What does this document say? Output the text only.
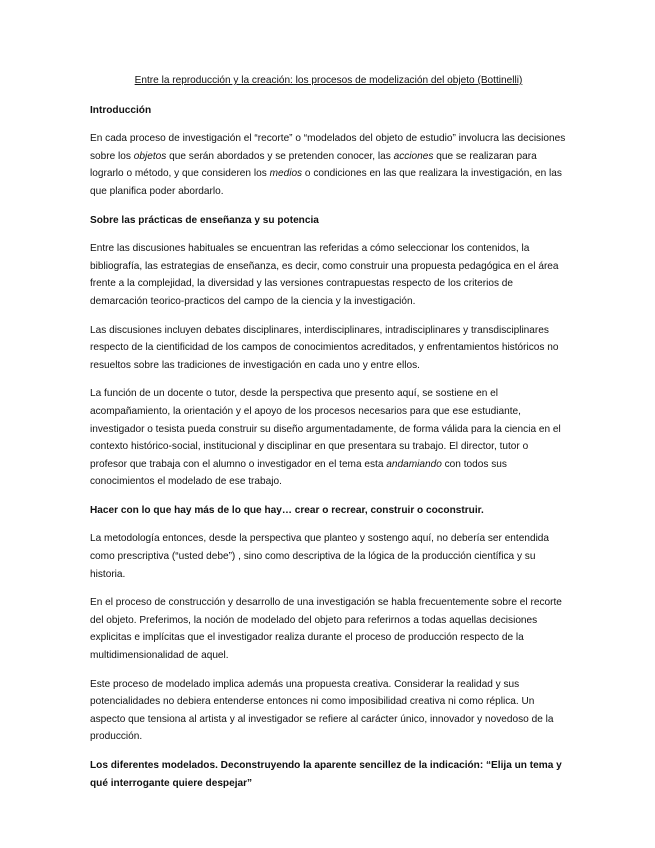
Entre la reproducción y la creación: los procesos de modelización del objeto (Bottinelli)

Introducción

En cada proceso de investigación el “recorte” o “modelados del objeto de estudio” involucra las decisiones sobre los objetos que serán abordados y se pretenden conocer, las acciones que se realizaran para lograrlo o método, y que consideren los medios o condiciones en las que realizara la investigación, en las que planifica poder abordarlo.

Sobre las prácticas de enseñanza y su potencia

Entre las discusiones habituales se encuentran las referidas a cómo seleccionar los contenidos, la bibliografía, las estrategias de enseñanza, es decir, como construir una propuesta pedagógica en el área frente a la complejidad, la diversidad y las versiones contrapuestas respecto de los criterios de demarcación teorico-practicos del campo de la ciencia y la investigación.

Las discusiones incluyen debates disciplinares, interdisciplinares, intradisciplinares y transdisciplinares respecto de la cientificidad de los campos de conocimientos acreditados, y enfrentamientos históricos no resueltos sobre las tradiciones de investigación en cada uno y entre ellos.

La función de un docente o tutor, desde la perspectiva que presento aquí, se sostiene en el acompañamiento, la orientación y el apoyo de los procesos necesarios para que ese estudiante, investigador o tesista pueda construir su diseño argumentadamente, de forma válida para la ciencia en el contexto histórico-social, institucional y disciplinar en que presentara su trabajo. El director, tutor o profesor que trabaja con el alumno o investigador en el tema esta andamiando con todos sus conocimientos el modelado de ese trabajo.

Hacer con lo que hay más de lo que hay… crear o recrear, construir o coconstruir.

La metodología entonces, desde la perspectiva que planteo y sostengo aquí, no debería ser entendida como prescriptiva (“usted debe”) , sino como descriptiva de la lógica de la producción científica y su historia.

En el proceso de construcción y desarrollo de una investigación se habla frecuentemente sobre el recorte del objeto. Preferimos, la noción de modelado del objeto para referirnos a todas aquellas decisiones explicitas e implícitas que el investigador realiza durante el proceso de producción respecto de la multidimensionalidad de aquel.

Este proceso de modelado implica además una propuesta creativa. Considerar la realidad y sus potencialidades no debiera entenderse entonces ni como imposibilidad creativa ni como réplica. Un aspecto que tensiona al artista y al investigador se refiere al carácter único, innovador y novedoso de la producción.

Los diferentes modelados. Deconstruyendo la aparente sencillez de la indicación: “Elija un tema y qué interrogante quiere despejar”
